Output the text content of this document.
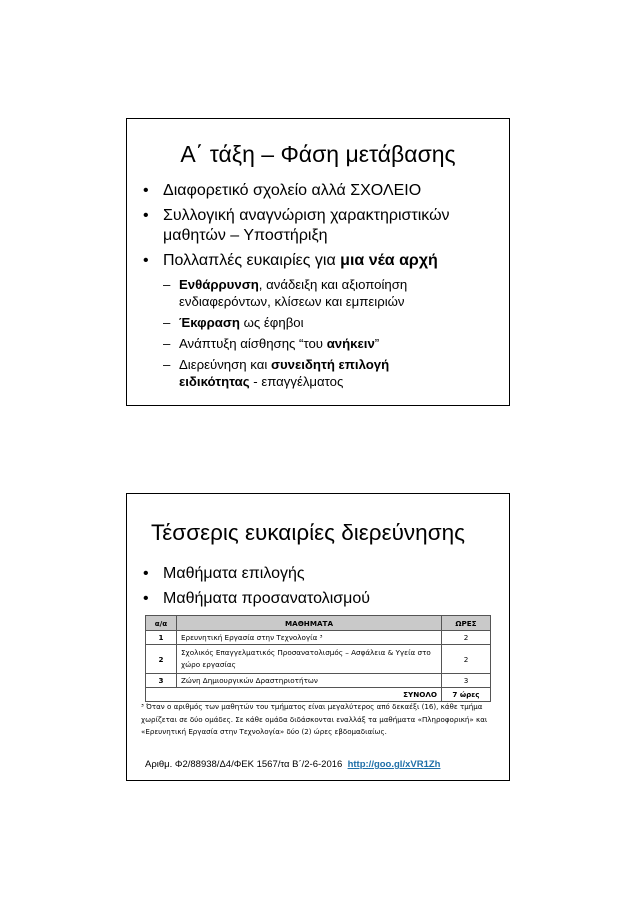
Α΄ τάξη – Φάση μετάβασης
• Διαφορετικό σχολείο αλλά ΣΧΟΛΕΙΟ
• Συλλογική αναγνώριση χαρακτηριστικών
μαθητών – Υποστήριξη
• Πολλαπλές ευκαιρίες για μια νέα αρχή
– Ενθάρρυνση, ανάδειξη και αξιοποίηση
ενδιαφερόντων, κλίσεων και εμπειριών
– Έκφραση ως έφηβοι
– Ανάπτυξη αίσθησης “του ανήκειν”
– Διερεύνηση και συνειδητή επιλογή
ειδικότητας - επαγγέλματος
Τέσσερις ευκαιρίες διερεύνησης
• Μαθήματα επιλογής
• Μαθήματα προσανατολισμού
α/α	ΜΑΘΗΜΑΤΑ	ΩΡΕΣ
1	Ερευνητική Εργασία στην Τεχνολογία ³	2
2	Σχολικός Επαγγελματικός Προσανατολισμός – Ασφάλεια & Υγεία στο χώρο εργασίας	2
3	Ζώνη Δημιουργικών Δραστηριοτήτων	3
ΣΥΝΟΛΟ		7 ώρες
³ Όταν ο αριθμός των μαθητών του τμήματος είναι μεγαλύτερος από δεκαέξι (16), κάθε τμήμα χωρίζεται σε δύο ομάδες. Σε κάθε ομάδα διδάσκονται εναλλάξ τα μαθήματα «Πληροφορική» και «Ερευνητική Εργασία στην Τεχνολογία» δύο (2) ώρες εβδομαδιαίως.
Αριθμ. Φ2/88938/Δ4/ΦΕΚ 1567/τα Β΄/2-6-2016 http://goo.gl/xVR1Zh
